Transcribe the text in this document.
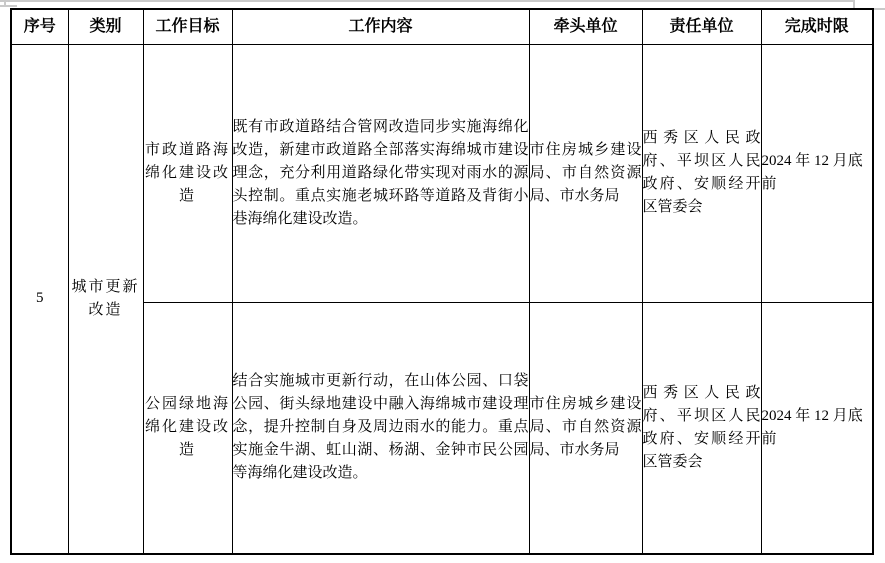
序号	类别	工作目标	工作内容	牵头单位	责任单位	完成时限
5	城市更新改造	市政道路海绵化建设改造	既有市政道路结合管网改造同步实施海绵化改造，新建市政道路全部落实海绵城市建设理念，充分利用道路绿化带实现对雨水的源头控制。重点实施老城环路等道路及背街小巷海绵化建设改造。	市住房城乡建设局、市自然资源局、市水务局	西秀区人民政府、平坝区人民政府、安顺经开区管委会	2024 年 12 月底前
		公园绿地海绵化建设改造	结合实施城市更新行动，在山体公园、口袋公园、街头绿地建设中融入海绵城市建设理念，提升控制自身及周边雨水的能力。重点实施金牛湖、虹山湖、杨湖、金钟市民公园等海绵化建设改造。	市住房城乡建设局、市自然资源局、市水务局	西秀区人民政府、平坝区人民政府、安顺经开区管委会	2024 年 12 月底前
